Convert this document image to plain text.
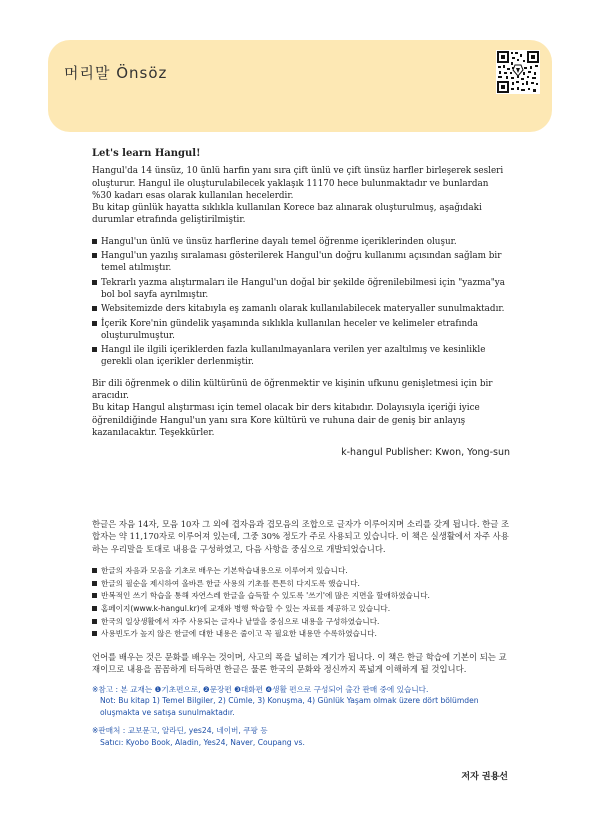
머리말 Önsöz

Let's learn Hangul!

Hangul'da 14 ünsüz, 10 ünlü harfin yanı sıra çift ünlü ve çift ünsüz harfler birleşerek sesleri oluşturur. Hangul ile oluşturulabilecek yaklaşık 11170 hece bulunmaktadır ve bunlardan %30 kadarı esas olarak kullanılan hecelerdir.

Bu kitap günlük hayatta sıklıkla kullanılan Korece baz alınarak oluşturulmuş, aşağıdaki durumlar etrafında geliştirilmiştir.

Hangul'un ünlü ve ünsüz harflerine dayalı temel öğrenme içeriklerinden oluşur.
Hangul'un yazılış sıralaması gösterilerek Hangul'un doğru kullanımı açısından sağlam bir temel atılmıştır.
Tekrarlı yazma alıştırmaları ile Hangul'un doğal bir şekilde öğrenilebilmesi için "yazma"ya bol bol sayfa ayrılmıştır.
Websitemizde ders kitabıyla eş zamanlı olarak kullanılabilecek materyaller sunulmaktadır.
İçerik Kore'nin gündelik yaşamında sıklıkla kullanılan heceler ve kelimeler etrafında oluşturulmuştur.
Hangıl ile ilgili içeriklerden fazla kullanılmayanlara verilen yer azaltılmış ve kesinlikle gerekli olan içerikler derlenmiştir.

Bir dili öğrenmek o dilin kültürünü de öğrenmektir ve kişinin ufkunu genişletmesi için bir aracıdır.

Bu kitap Hangul alıştırması için temel olacak bir ders kitabıdır. Dolayısıyla içeriği iyice öğrenildiğinde Hangul'un yanı sıra Kore kültürü ve ruhuna dair de geniş bir anlayış kazanılacaktır. Teşekkürler.

k-hangul Publisher: Kwon, Yong-sun

한글은 자음 14자, 모음 10자 그 외에 겹자음과 겹모음의 조합으로 글자가 이루어지며 소리를 갖게 됩니다. 한글 조합자는 약 11,170자로 이루어져 있는데, 그중 30% 정도가 주로 사용되고 있습니다. 이 책은 실생활에서 자주 사용하는 우리말을 토대로 내용을 구성하였고, 다음 사항을 중심으로 개발되었습니다.

한글의 자음과 모음을 기초로 배우는 기본학습내용으로 이루어져 있습니다.
한글의 필순을 제시하여 올바른 한글 사용의 기초를 튼튼히 다지도록 했습니다.
반복적인 쓰기 학습을 통해 자연스레 한글을 습득할 수 있도록 '쓰기'에 많은 지면을 할애하였습니다.
홈페이지(www.k-hangul.kr)에 교재와 병행 학습할 수 있는 자료를 제공하고 있습니다.
한국의 일상생활에서 자주 사용되는 글자나 낱말을 중심으로 내용을 구성하였습니다.
사용빈도가 높지 않은 한글에 대한 내용은 줄이고 꼭 필요한 내용만 수록하였습니다.

언어를 배우는 것은 문화를 배우는 것이며, 사고의 폭을 넓히는 계기가 됩니다. 이 책은 한글 학습에 기본이 되는 교재이므로 내용을 꼼꼼하게 터득하면 한글은 물론 한국의 문화와 정신까지 폭넓게 이해하게 될 것입니다.

※참고 : 본 교재는 ❶기초편으로, ❷문장편 ❸대화편 ❹생활 편으로 구성되어 출간 판매 중에 있습니다.
Not: Bu kitap 1) Temel Bilgiler, 2) Cümle, 3) Konuşma, 4) Günlük Yaşam olmak üzere dört bölümden oluşmakta ve satışa sunulmaktadır.
※판매처 : 교보문고, 알라딘, yes24, 네이버, 쿠팡 등
Satıcı: Kyobo Book, Aladin, Yes24, Naver, Coupang vs.
저자 권용선
